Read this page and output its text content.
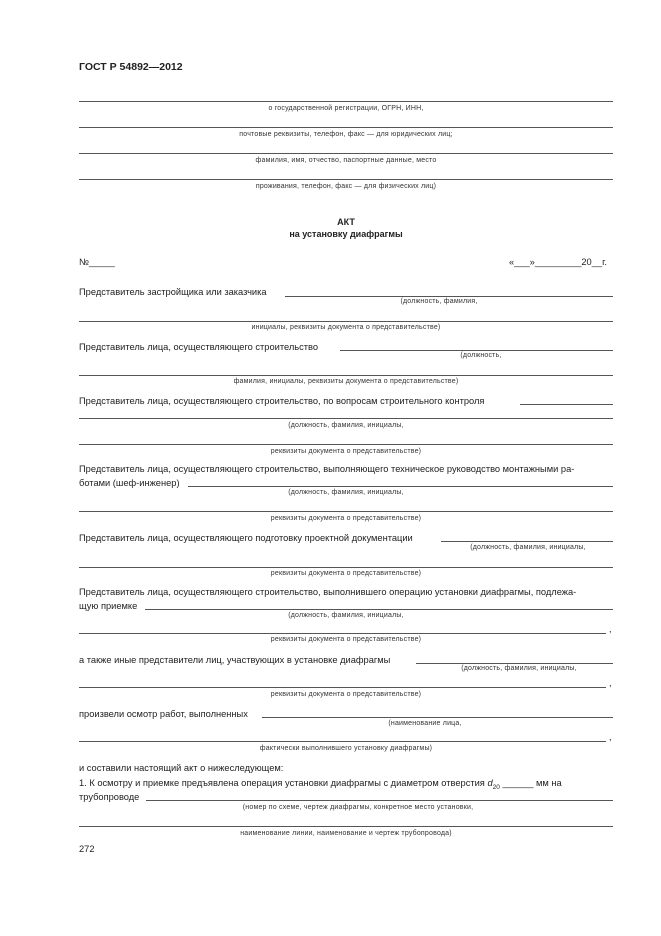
ГОСТ Р 54892—2012
о государственной регистрации, ОГРН, ИНН,
почтовые реквизиты, телефон, факс — для юридических лиц;
фамилия, имя, отчество, паспортные данные, место
проживания, телефон, факс — для физических лиц)
АКТ
на установку диафрагмы
№_____	«___»_________20__г.
Представитель застройщика или заказчика
(должность, фамилия,
инициалы, реквизиты документа о представительстве)
Представитель лица, осуществляющего строительство
(должность,
фамилия, инициалы, реквизиты документа о представительстве)
Представитель лица, осуществляющего строительство, по вопросам строительного контроля
(должность, фамилия, инициалы,
реквизиты документа о представительстве)
Представитель лица, осуществляющего строительство, выполняющего техническое руководство монтажными ра-
ботами (шеф-инженер)
(должность, фамилия, инициалы,
реквизиты документа о представительстве)
Представитель лица, осуществляющего подготовку проектной документации
(должность, фамилия, инициалы,
реквизиты документа о представительстве)
Представитель лица, осуществляющего строительство, выполнившего операцию установки диафрагмы, подлежа-
щую приемке
(должность, фамилия, инициалы,
,
реквизиты документа о представительстве)
а также иные представители лиц, участвующих в установке диафрагмы
(должность, фамилия, инициалы,
,
реквизиты документа о представительстве)
произвели осмотр работ, выполненных
(наименование лица,
,
фактически выполнившего установку диафрагмы)
и составили настоящий акт о нижеследующем:
1. К осмотру и приемке предъявлена операция установки диафрагмы с диаметром отверстия $d_{20}$ ______ мм на
трубопроводе
(номер по схеме, чертеж диафрагмы, конкретное место установки,
наименование линии, наименование и чертеж трубопровода)
272
